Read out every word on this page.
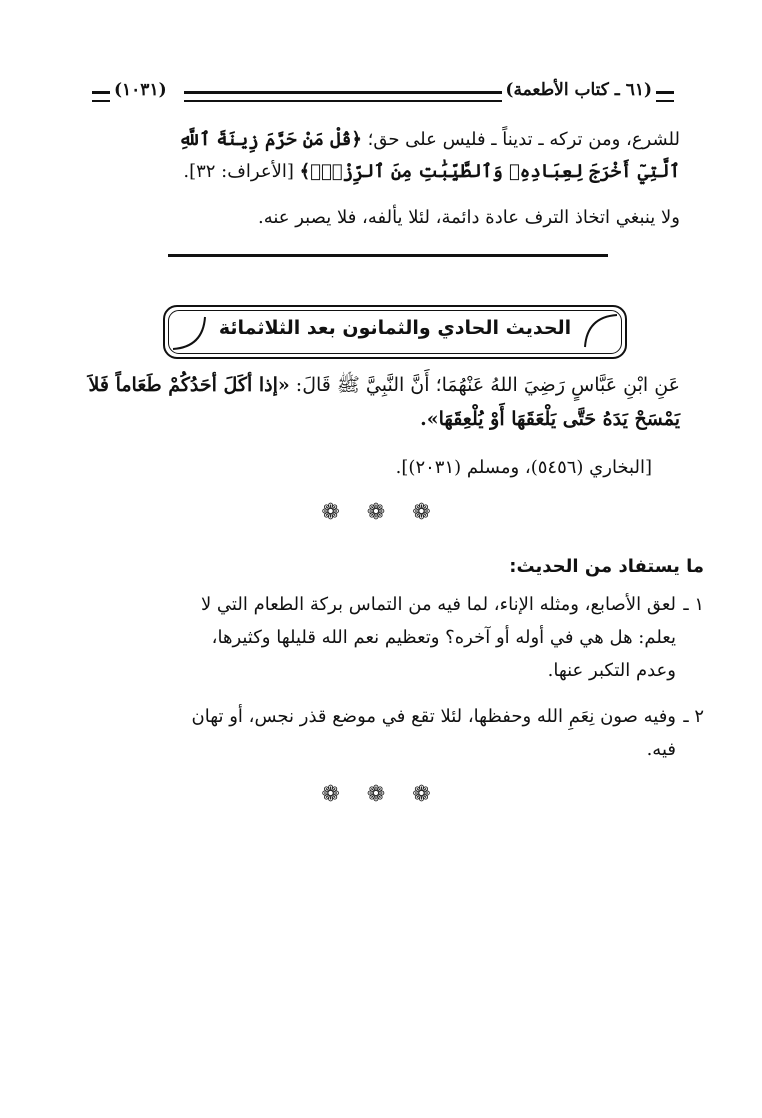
(١٠٣١)	(٦١ ـ كتاب الأطعمة)
للشرع، ومن تركه ـ تديناً ـ فليس على حق؛ ﴿قُلْ مَنْ حَرَّمَ زِينَةَ ٱللَّهِ ٱلَّتِيٓ أَخْرَجَ لِعِبَادِهِۦ وَٱلطَّيِّبَٰتِ مِنَ ٱلرِّزْقِۚ﴾ [الأعراف: ٣٢].
ولا ينبغي اتخاذ الترف عادة دائمة، لئلا يألفه، فلا يصبر عنه.
الحديث الحادي والثمانون بعد الثلاثمائة
عَنِ ابْنِ عَبَّاسٍ رَضِيَ اللهُ عَنْهُمَا؛ أَنَّ النَّبِيَّ ﷺ قَالَ: «إذا أكَلَ أحَدُكُمْ طَعَاماً فَلاَ يَمْسَحْ يَدَهُ حَتَّى يَلْعَقَهَا أَوْ يُلْعِقَهَا».
[البخاري (٥٤٥٦)، ومسلم (٢٠٣١)].
❁ ❁ ❁
ما يستفاد من الحديث:
١ ـلعق الأصابع، ومثله الإناء، لما فيه من التماس بركة الطعام التي لا
يعلم: هل هي في أوله أو آخره؟ وتعظيم نعم الله قليلها وكثيرها،
وعدم التكبر عنها.
٢ ـوفيه صون نِعَمِ الله وحفظها، لئلا تقع في موضع قذر نجس، أو تهان
فيه.
❁ ❁ ❁
